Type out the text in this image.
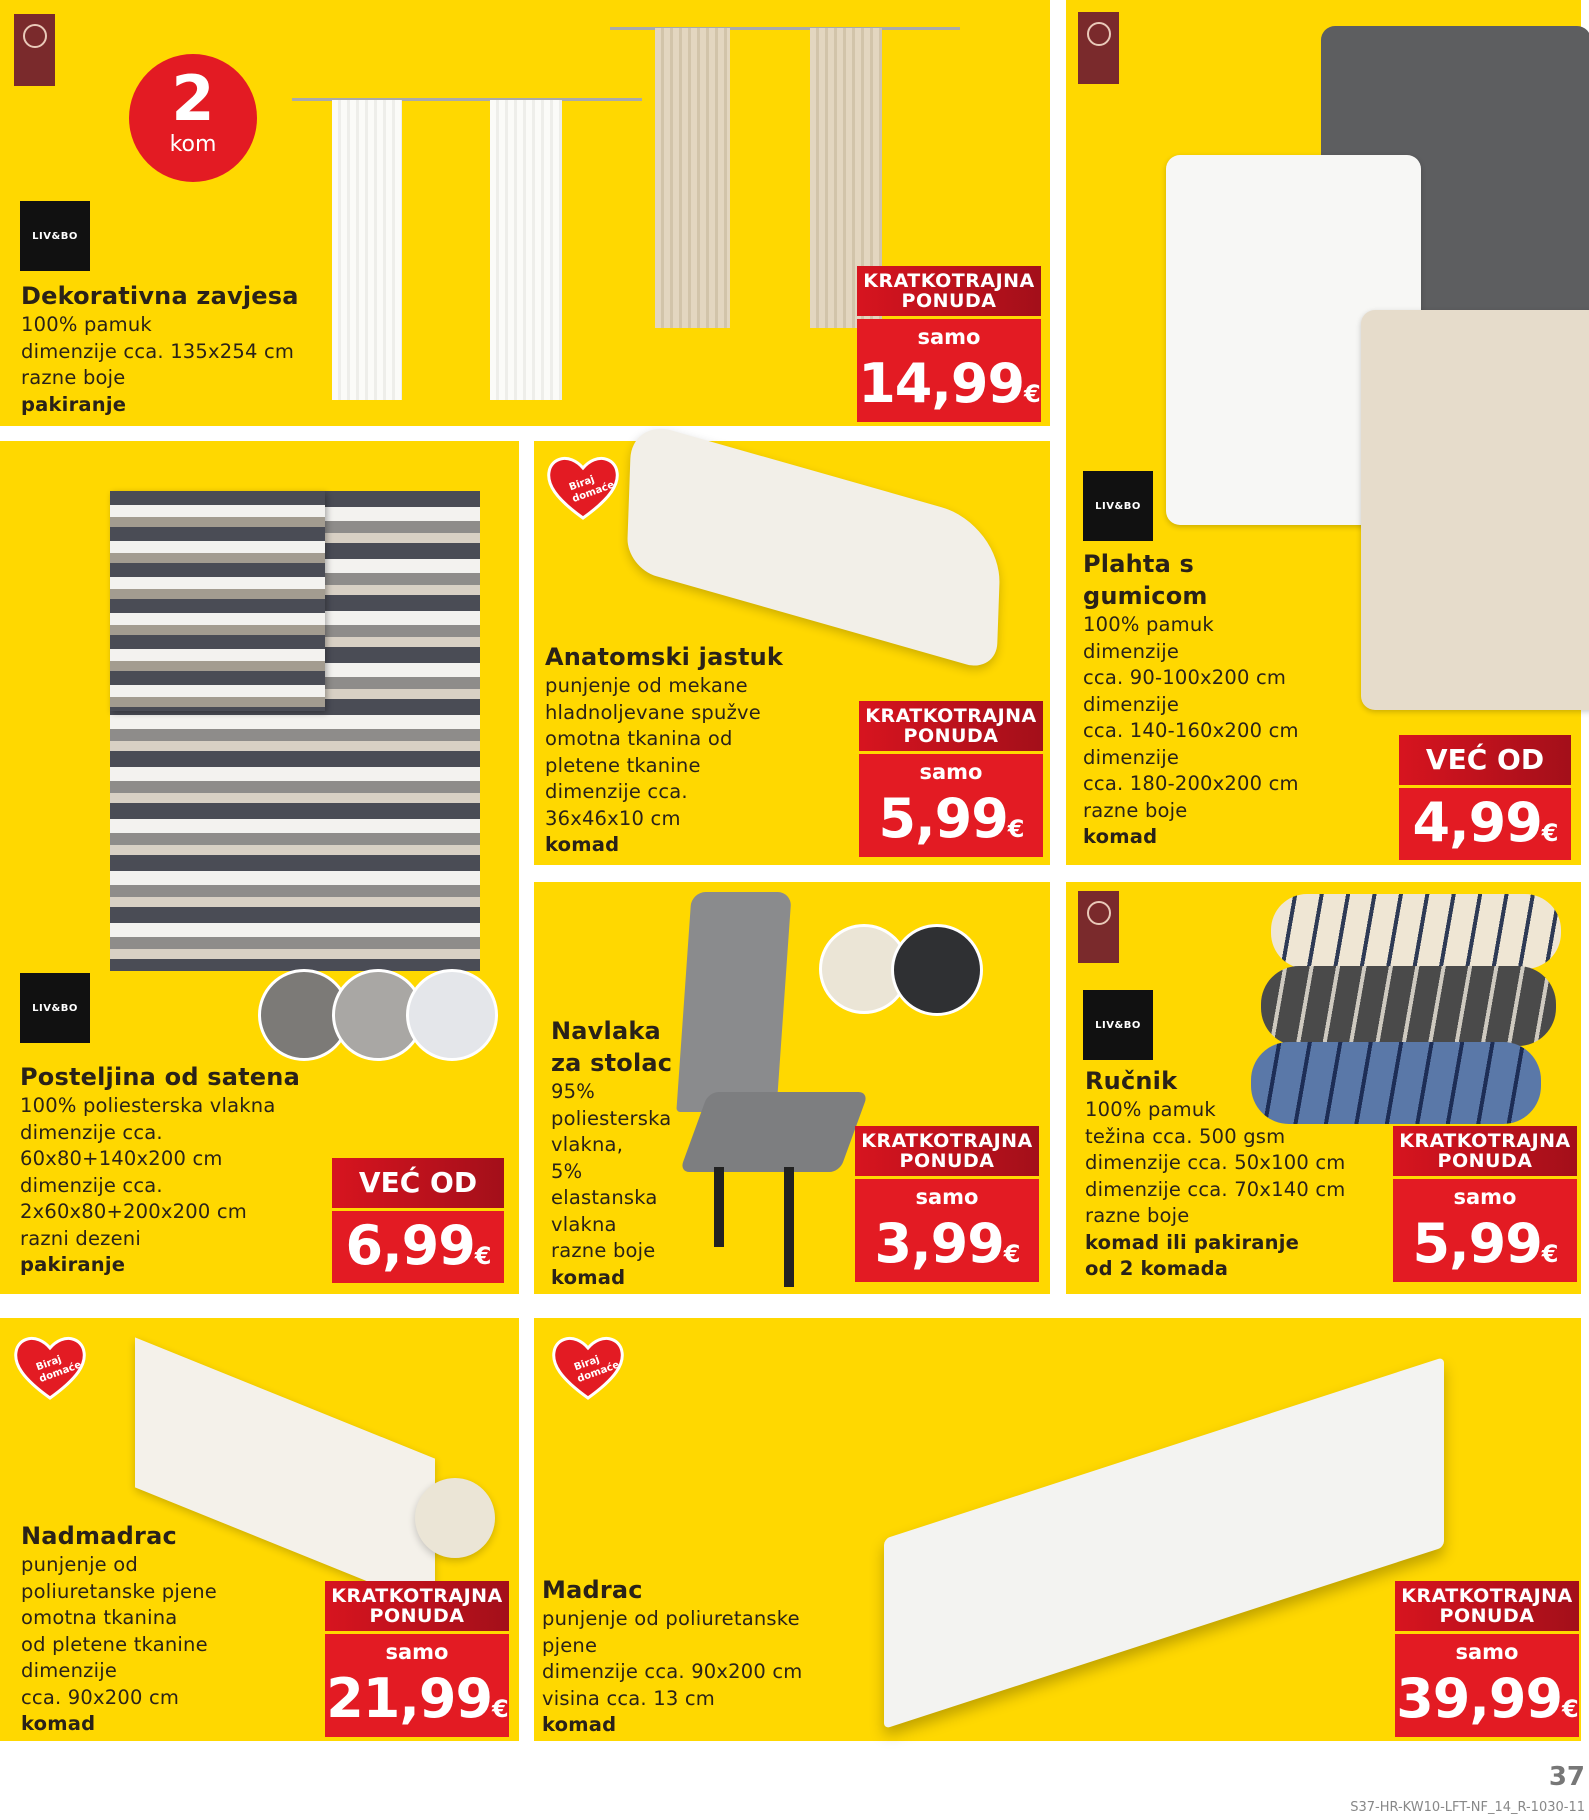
2
kom
LIV&BO
Dekorativna zavjesa
100% pamuk
dimenzije cca. 135x254 cm
razne boje
pakiranje
KRATKOTRAJNA
PONUDA
samo
14,99€
LIV&BO
Plahta s
gumicom
100% pamuk
dimenzije
cca. 90-100x200 cm
dimenzije
cca. 140-160x200 cm
dimenzije
cca. 180-200x200 cm
razne boje
komad
VEĆ OD
4,99€
LIV&BO
Posteljina od satena
100% poliesterska vlakna
dimenzije cca.
60x80+140x200 cm
dimenzije cca.
2x60x80+200x200 cm
razni dezeni
pakiranje
VEĆ OD
6,99€
Anatomski jastuk
punjenje od mekane
hladnoljevane spužve
omotna tkanina od
pletene tkanine
dimenzije cca.
36x46x10 cm
komad
KRATKOTRAJNA
PONUDA
samo
5,99€
Navlaka
za stolac
95%
poliesterska
vlakna,
5%
elastanska
vlakna
razne boje
komad
KRATKOTRAJNA
PONUDA
samo
3,99€
LIV&BO
Ručnik
100% pamuk
težina cca. 500 gsm
dimenzije cca. 50x100 cm
dimenzije cca. 70x140 cm
razne boje
komad ili pakiranje
od 2 komada
KRATKOTRAJNA
PONUDA
samo
5,99€
Nadmadrac
punjenje od
poliuretanske pjene
omotna tkanina
od pletene tkanine
dimenzije
cca. 90x200 cm
komad
KRATKOTRAJNA
PONUDA
samo
21,99€
Madrac
punjenje od poliuretanske
pjene
dimenzije cca. 90x200 cm
visina cca. 13 cm
komad
KRATKOTRAJNA
PONUDA
samo
39,99€
37
S37-HR-KW10-LFT-NF_14_R-1030-11
